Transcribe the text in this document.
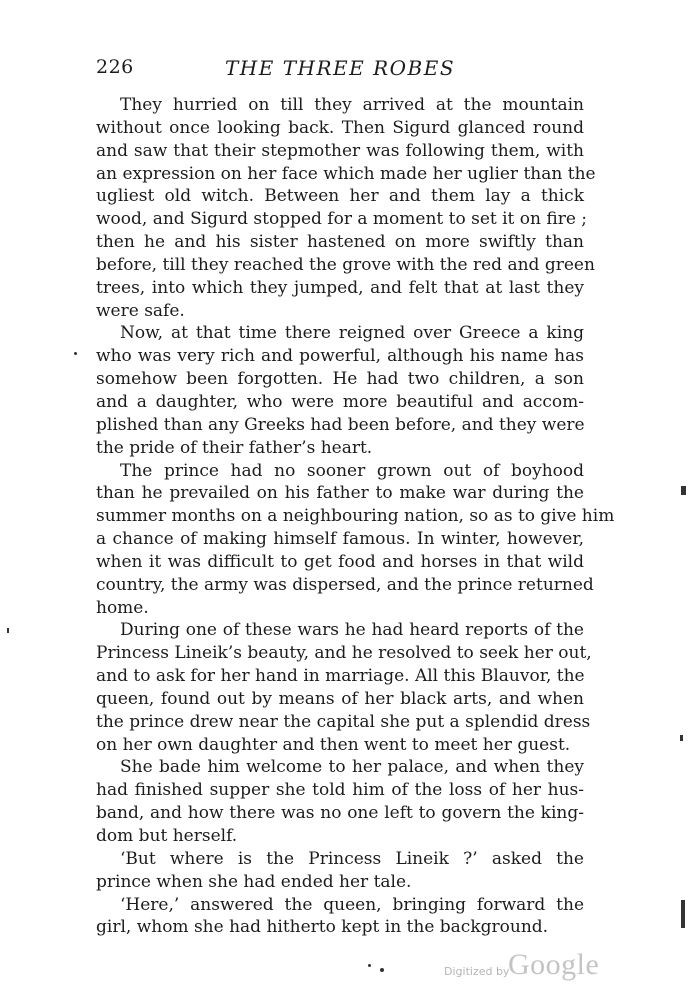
226	THE THREE ROBES
They hurried on till they arrived at the mountain
without once looking back. Then Sigurd glanced round
and saw that their stepmother was following them, with
an expression on her face which made her uglier than the
ugliest old witch. Between her and them lay a thick
wood, and Sigurd stopped for a moment to set it on fire ;
then he and his sister hastened on more swiftly than
before, till they reached the grove with the red and green
trees, into which they jumped, and felt that at last they
were safe.
Now, at that time there reigned over Greece a king
who was very rich and powerful, although his name has
somehow been forgotten. He had two children, a son
and a daughter, who were more beautiful and accom-
plished than any Greeks had been before, and they were
the pride of their father’s heart.
The prince had no sooner grown out of boyhood
than he prevailed on his father to make war during the
summer months on a neighbouring nation, so as to give him
a chance of making himself famous. In winter, however,
when it was difficult to get food and horses in that wild
country, the army was dispersed, and the prince returned
home.
During one of these wars he had heard reports of the
Princess Lineik’s beauty, and he resolved to seek her out,
and to ask for her hand in marriage. All this Blauvor, the
queen, found out by means of her black arts, and when
the prince drew near the capital she put a splendid dress
on her own daughter and then went to meet her guest.
She bade him welcome to her palace, and when they
had finished supper she told him of the loss of her hus-
band, and how there was no one left to govern the king-
dom but herself.
‘But where is the Princess Lineik ?’ asked the
prince when she had ended her tale.
‘Here,’ answered the queen, bringing forward the
girl, whom she had hitherto kept in the background.
Digitized by
Google
